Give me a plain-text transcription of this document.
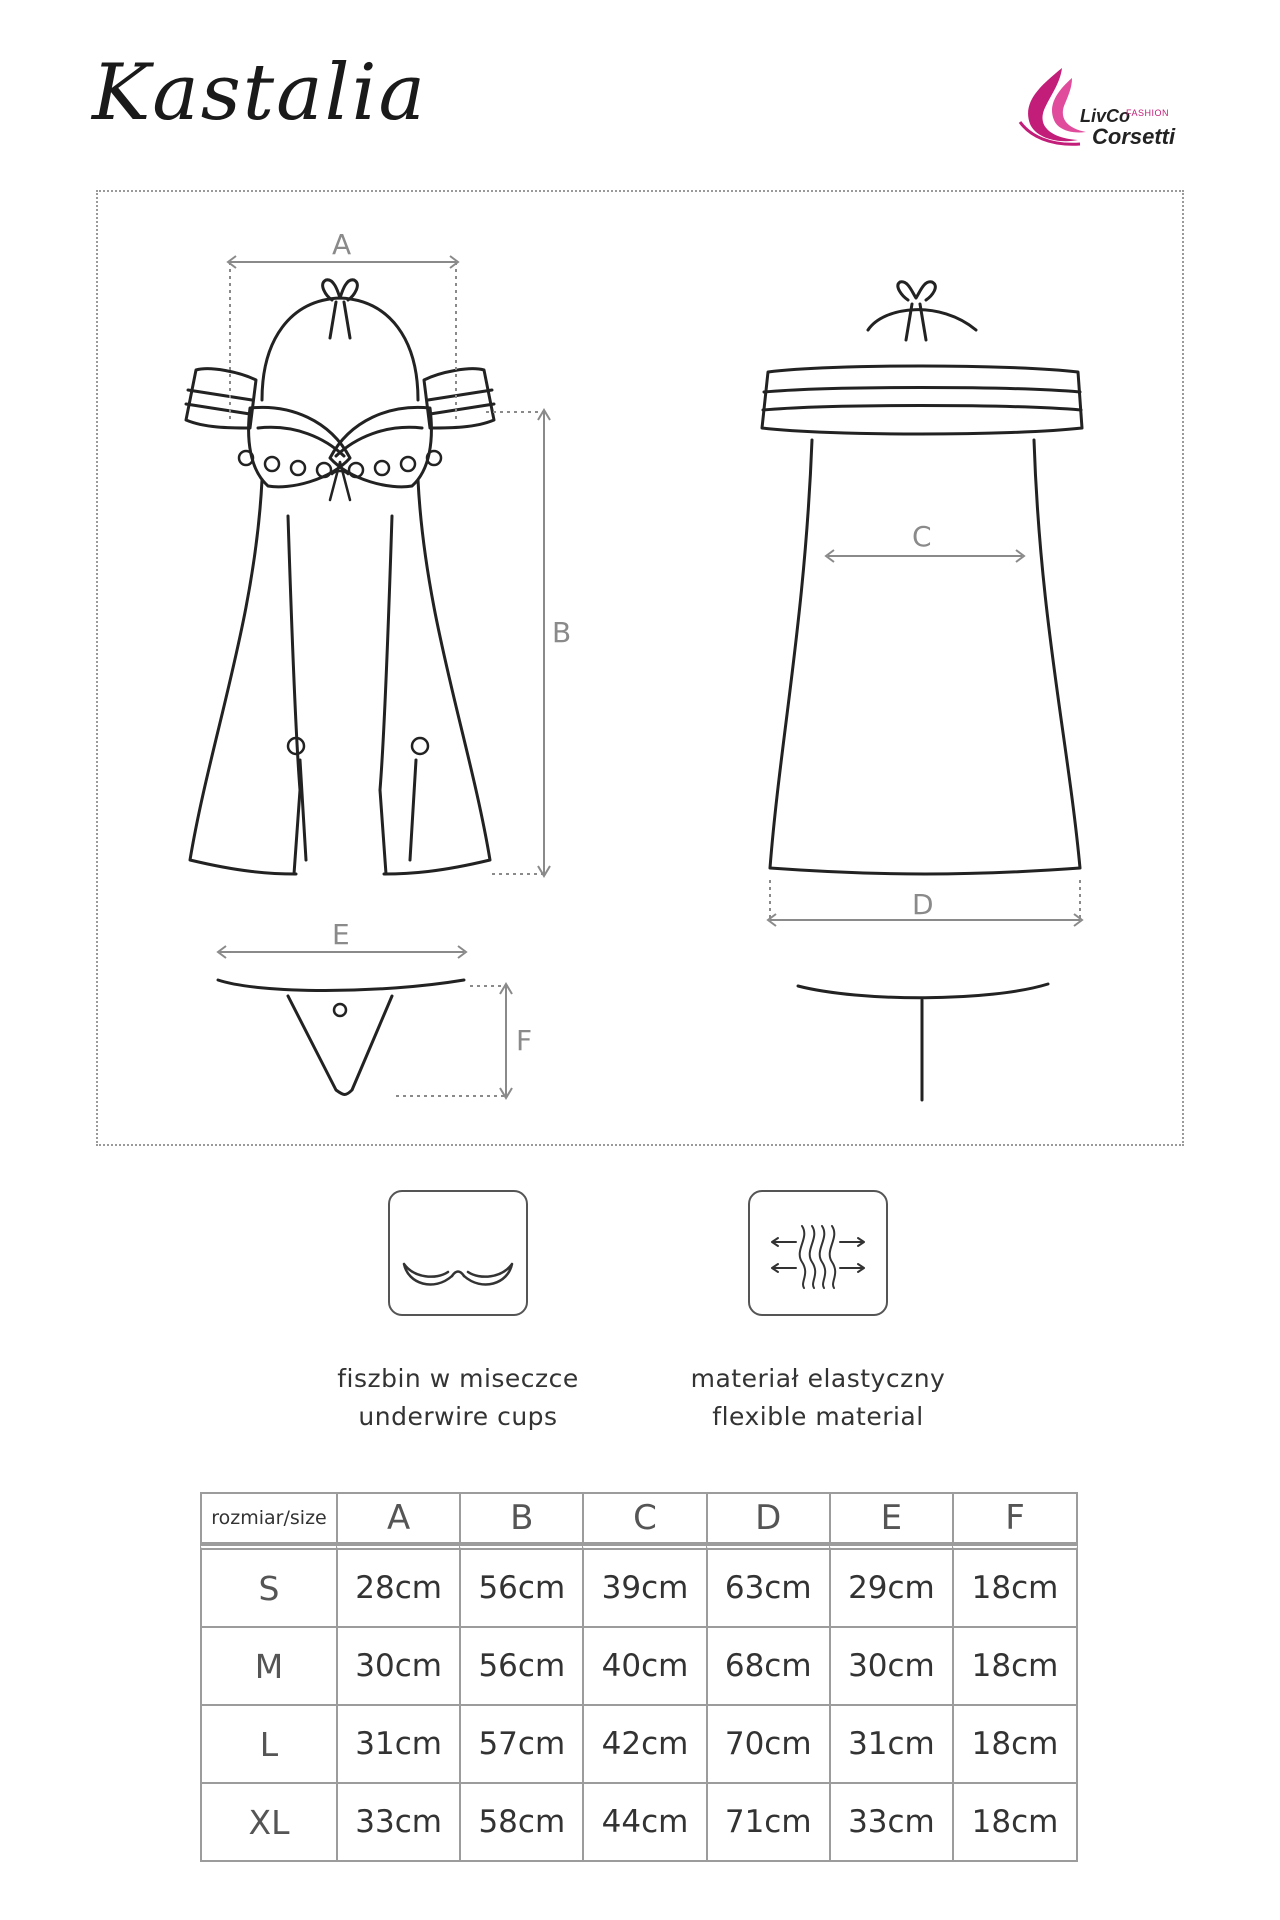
Kastalia	LivCo
FASHION
Corsetti
A
B
C
D
E
F
fiszbin w miseczce
underwire cups
materiał elastyczny
flexible material
rozmiar/size	A	B	C	D	E	F
S	28cm	56cm	39cm	63cm	29cm	18cm
M	30cm	56cm	40cm	68cm	30cm	18cm
L	31cm	57cm	42cm	70cm	31cm	18cm
XL	33cm	58cm	44cm	71cm	33cm	18cm
